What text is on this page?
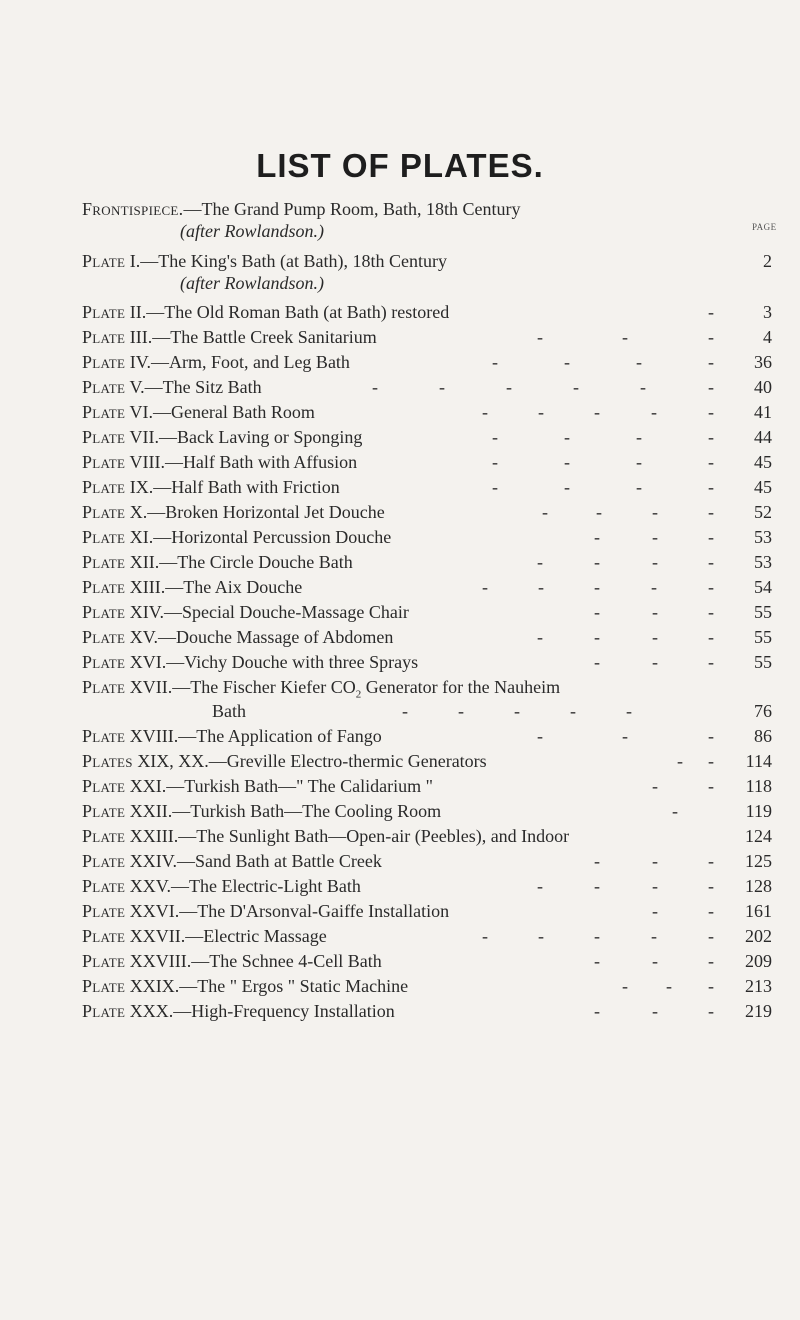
LIST OF PLATES.
PAGE
Frontispiece.—The Grand Pump Room, Bath, 18th Century
(after Rowlandson.)
Plate I.—The King's Bath (at Bath), 18th Century	2
(after Rowlandson.)
Plate II.—The Old Roman Bath (at Bath) restored	-	3
Plate III.—The Battle Creek Sanitarium	-	-	-	4
Plate IV.—Arm, Foot, and Leg Bath	-	-	-	-	36
Plate V.—The Sitz Bath	-	-	-	-	-	-	40
Plate VI.—General Bath Room	-	-	-	-	-	41
Plate VII.—Back Laving or Sponging	-	-	-	-	44
Plate VIII.—Half Bath with Affusion	-	-	-	-	45
Plate IX.—Half Bath with Friction	-	-	-	-	45
Plate X.—Broken Horizontal Jet Douche	-	-	-	-	52
Plate XI.—Horizontal Percussion Douche	-	-	-	53
Plate XII.—The Circle Douche Bath	-	-	-	-	53
Plate XIII.—The Aix Douche	-	-	-	-	-	54
Plate XIV.—Special Douche-Massage Chair	-	-	-	55
Plate XV.—Douche Massage of Abdomen	-	-	-	-	55
Plate XVI.—Vichy Douche with three Sprays	-	-	-	55
Plate XVII.—The Fischer Kiefer $CO_2$ Generator for the Nauheim
Bath	-	-	-	-	-	76
Plate XVIII.—The Application of Fango	-	-	-	86
Plates XIX, XX.—Greville Electro-thermic Generators	- -	114
Plate XXI.—Turkish Bath—" The Calidarium "	-	-	118
Plate XXII.—Turkish Bath—The Cooling Room	-	119
Plate XXIII.—The Sunlight Bath—Open-air (Peebles), and Indoor	124
Plate XXIV.—Sand Bath at Battle Creek	-	-	-	125
Plate XXV.—The Electric-Light Bath	-	-	-	-	128
Plate XXVI.—The D'Arsonval-Gaiffe Installation	-	-	161
Plate XXVII.—Electric Massage	-	-	-	-	-	202
Plate XXVIII.—The Schnee 4-Cell Bath	-	-	-	209
Plate XXIX.—The " Ergos " Static Machine	- - -	213
Plate XXX.—High-Frequency Installation	-	-	-	219
